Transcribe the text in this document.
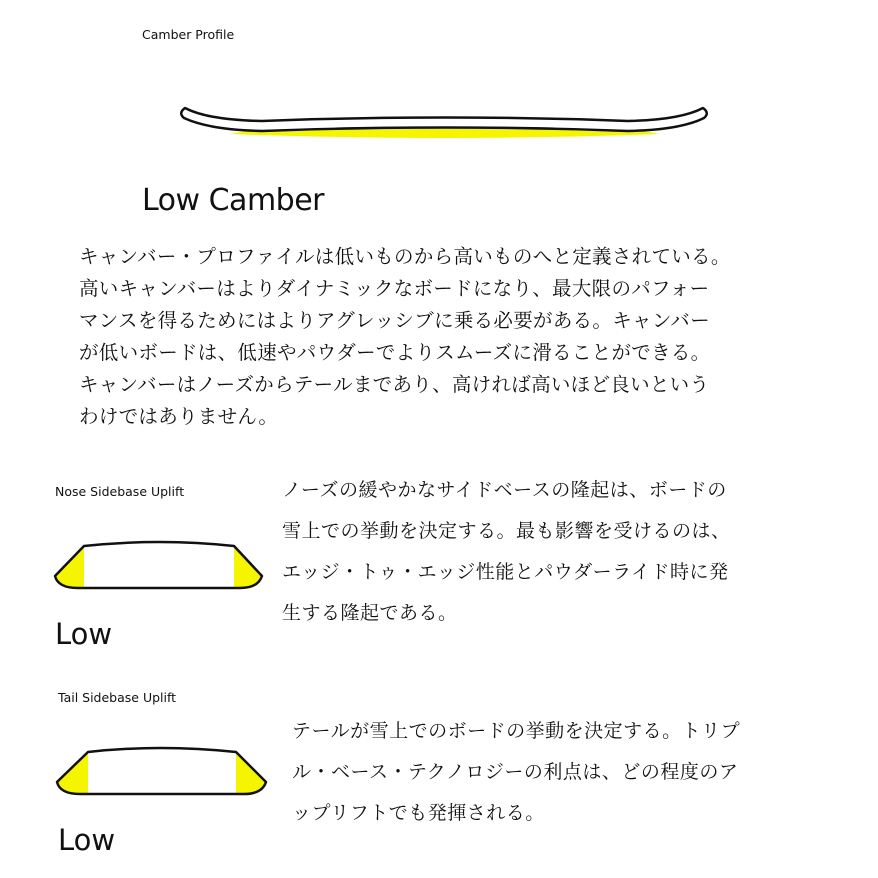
Camber Profile
Low Camber
キャンバー・プロファイルは低いものから高いものへと定義されている。
高いキャンバーはよりダイナミックなボードになり、最大限のパフォー
マンスを得るためにはよりアグレッシブに乗る必要がある。キャンバー
が低いボードは、低速やパウダーでよりスムーズに滑ることができる。
キャンバーはノーズからテールまであり、高ければ高いほど良いという
わけではありません。
Nose Sidebase Uplift
Low
ノーズの緩やかなサイドベースの隆起は、ボードの
雪上での挙動を決定する。最も影響を受けるのは、
エッジ・トゥ・エッジ性能とパウダーライド時に発
生する隆起である。
Tail Sidebase Uplift
Low
テールが雪上でのボードの挙動を決定する。トリプ
ル・ベース・テクノロジーの利点は、どの程度のア
ップリフトでも発揮される。
